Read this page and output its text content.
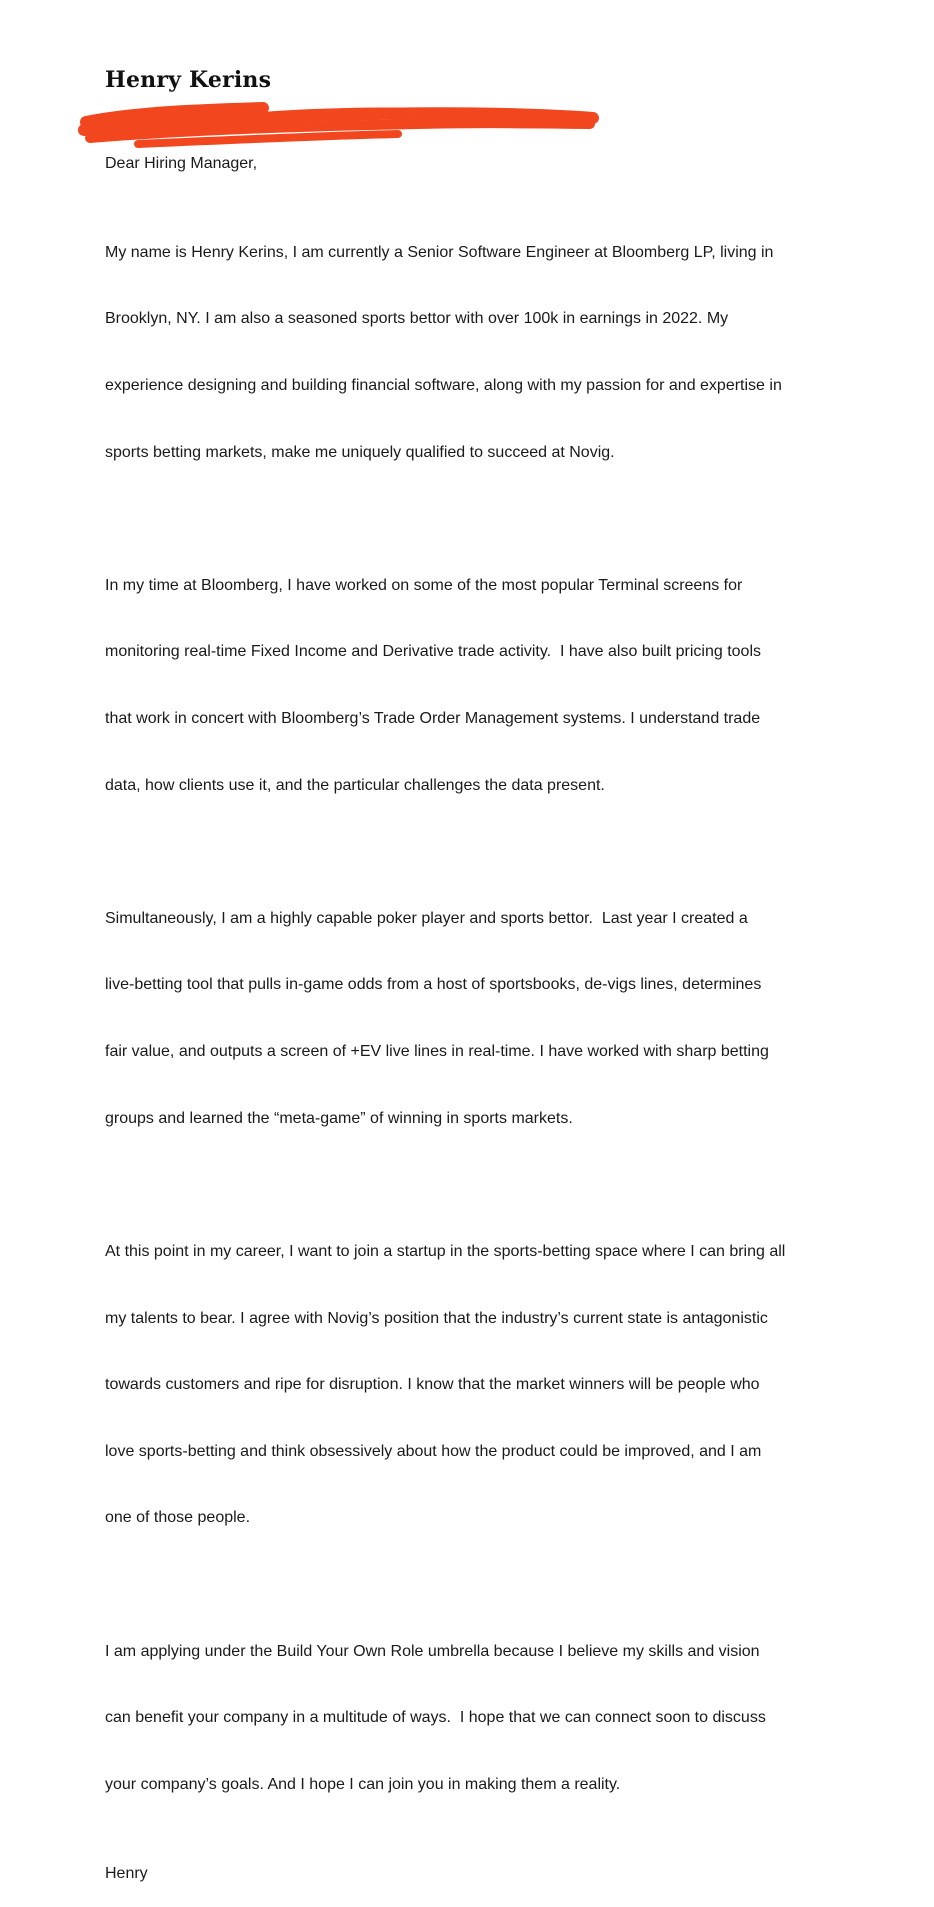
Henry Kerins

Dear Hiring Manager,

My name is Henry Kerins, I am currently a Senior Software Engineer at Bloomberg LP, living in

Brooklyn, NY. I am also a seasoned sports bettor with over 100k in earnings in 2022. My

experience designing and building financial software, along with my passion for and expertise in

sports betting markets, make me uniquely qualified to succeed at Novig.

In my time at Bloomberg, I have worked on some of the most popular Terminal screens for

monitoring real-time Fixed Income and Derivative trade activity.  I have also built pricing tools

that work in concert with Bloomberg’s Trade Order Management systems. I understand trade

data, how clients use it, and the particular challenges the data present.

Simultaneously, I am a highly capable poker player and sports bettor.  Last year I created a

live-betting tool that pulls in-game odds from a host of sportsbooks, de-vigs lines, determines

fair value, and outputs a screen of +EV live lines in real-time. I have worked with sharp betting

groups and learned the “meta-game” of winning in sports markets.

At this point in my career, I want to join a startup in the sports-betting space where I can bring all

my talents to bear. I agree with Novig’s position that the industry’s current state is antagonistic

towards customers and ripe for disruption. I know that the market winners will be people who

love sports-betting and think obsessively about how the product could be improved, and I am

one of those people.

I am applying under the Build Your Own Role umbrella because I believe my skills and vision

can benefit your company in a multitude of ways.  I hope that we can connect soon to discuss

your company’s goals. And I hope I can join you in making them a reality.

Henry
